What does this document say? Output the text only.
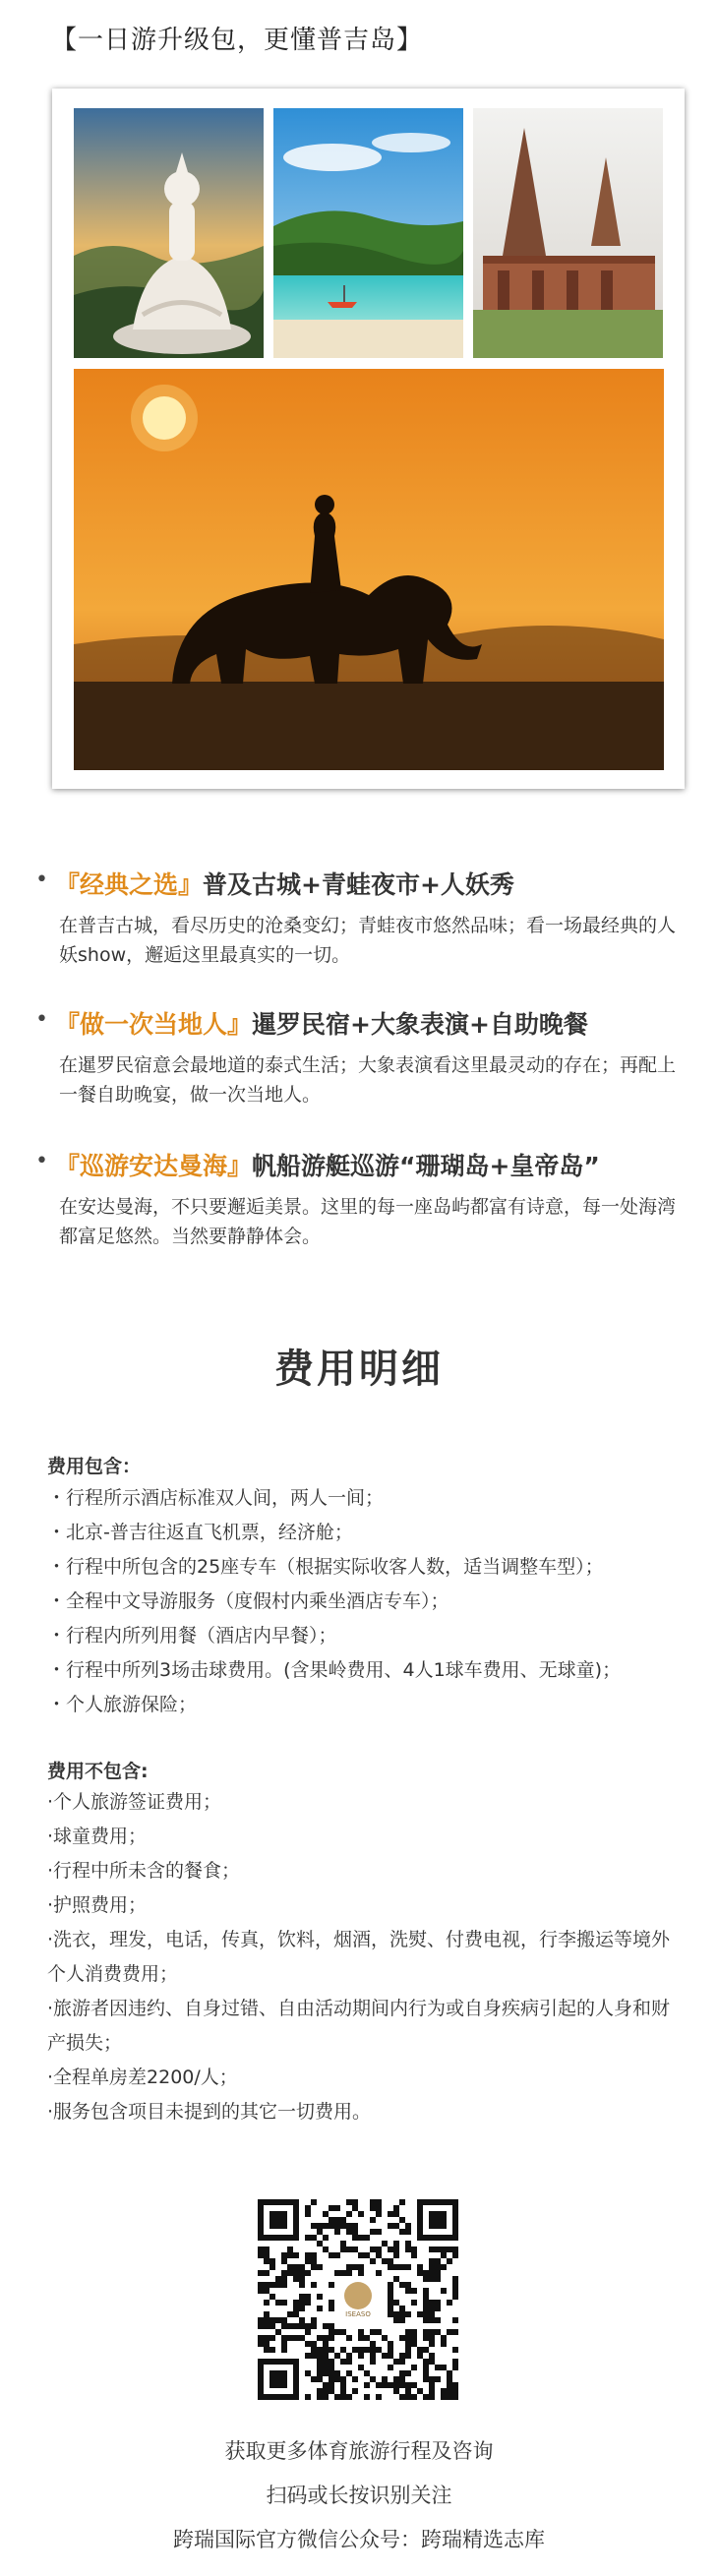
【一日游升级包，更懂普吉岛】
• 『经典之选』普及古城+青蛙夜市+人妖秀
在普吉古城，看尽历史的沧桑变幻；青蛙夜市悠然品味；看一场最经典的人妖show，邂逅这里最真实的一切。
• 『做一次当地人』暹罗民宿+大象表演+自助晚餐
在暹罗民宿意会最地道的泰式生活；大象表演看这里最灵动的存在；再配上一餐自助晚宴，做一次当地人。
• 『巡游安达曼海』帆船游艇巡游“珊瑚岛+皇帝岛”
在安达曼海，不只要邂逅美景。这里的每一座岛屿都富有诗意，每一处海湾都富足悠然。当然要静静体会。
费用明细
费用包含：
・行程所示酒店标准双人间，两人一间；
・北京-普吉往返直飞机票，经济舱；
・行程中所包含的25座专车（根据实际收客人数，适当调整车型）；
・全程中文导游服务（度假村内乘坐酒店专车）；
・行程内所列用餐（酒店内早餐）；
・行程中所列3场击球费用。(含果岭费用、4人1球车费用、无球童)；
・个人旅游保险；
费用不包含:
·个人旅游签证费用；
·球童费用；
·行程中所未含的餐食；
·护照费用；
·洗衣，理发，电话，传真，饮料，烟酒，洗熨、付费电视，行李搬运等境外个人消费费用；
·旅游者因违约、自身过错、自由活动期间内行为或自身疾病引起的人身和财产损失；
·全程单房差2200/人；
·服务包含项目未提到的其它一切费用。
ISEASO
获取更多体育旅游行程及咨询
扫码或长按识别关注
跨瑞国际官方微信公众号：跨瑞精选志库
